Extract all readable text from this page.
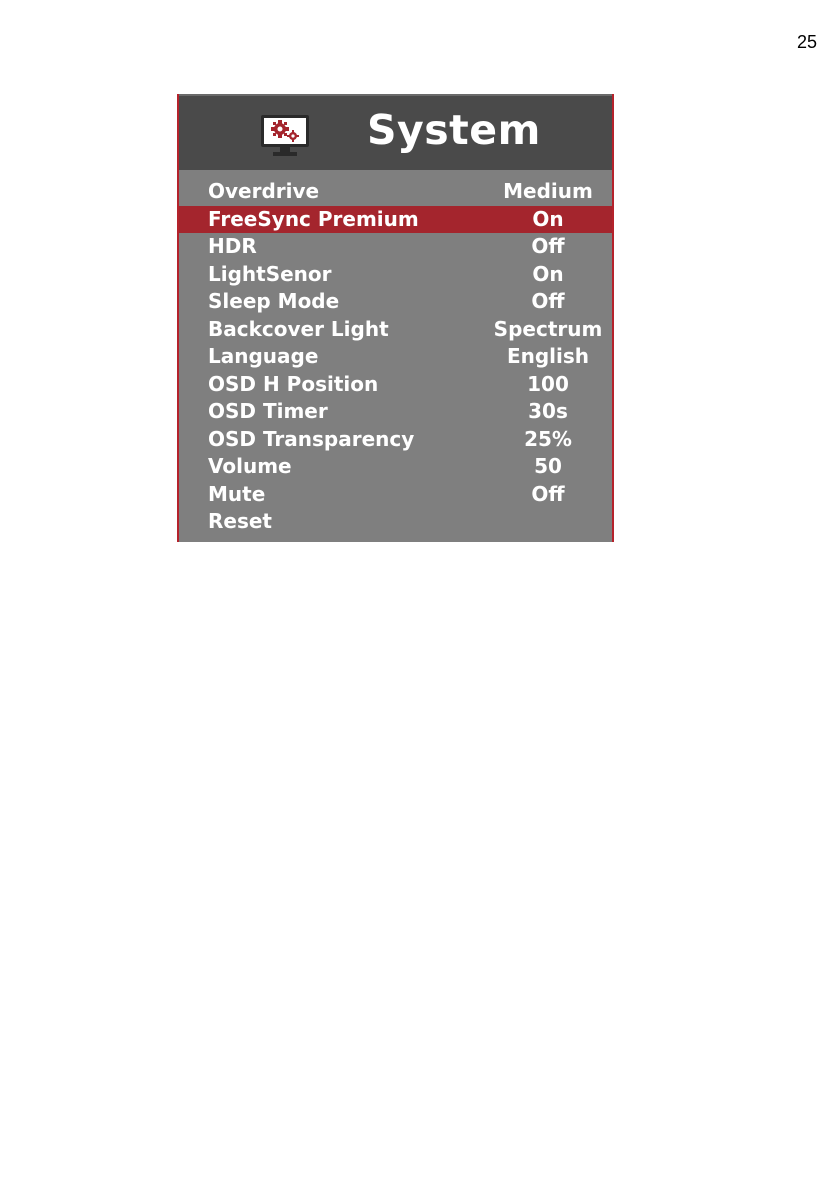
25
System
Overdrive	Medium
FreeSync Premium	On
HDR	Off
LightSenor	On
Sleep Mode	Off
Backcover Light	Spectrum
Language	English
OSD H Position	100
OSD Timer	30s
OSD Transparency	25%
Volume	50
Mute	Off
Reset
